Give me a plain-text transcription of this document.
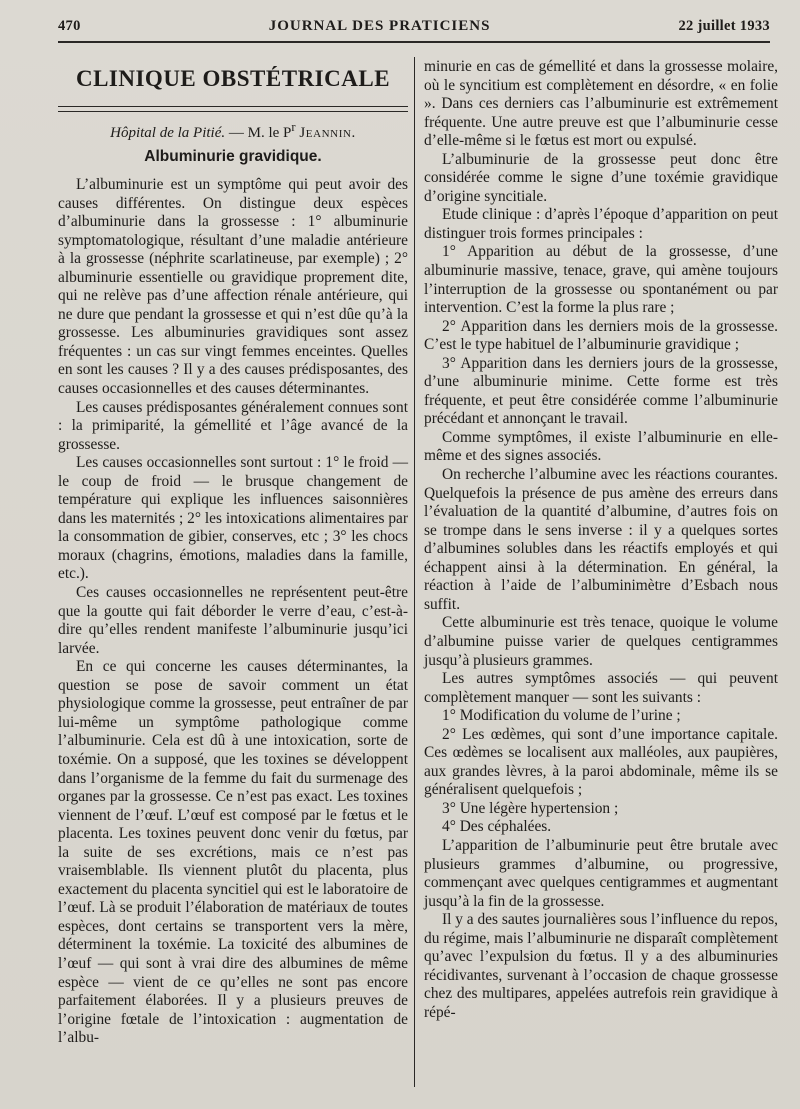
470	JOURNAL DES PRATICIENS	22 juillet 1933
CLINIQUE OBSTÉTRICALE
Hôpital de la Pitié. — M. le $P^r$ Jeannin.
Albuminurie gravidique.

L’albuminurie est un symptôme qui peut avoir des causes différentes. On distingue deux espèces d’albuminurie dans la grossesse : 1° albuminurie symptomatologique, résultant d’une maladie antérieure à la grossesse (néphrite scarlatineuse, par exemple) ; 2° albuminurie essentielle ou gravidique proprement dite, qui ne relève pas d’une affection rénale antérieure, qui ne dure que pendant la grossesse et qui n’est dûe qu’à la grossesse. Les albuminuries gravidiques sont assez fréquentes : un cas sur vingt femmes enceintes. Quelles en sont les causes ? Il y a des causes prédisposantes, des causes occasionnelles et des causes déterminantes.

Les causes prédisposantes généralement connues sont : la primiparité, la gémellité et l’âge avancé de la grossesse.

Les causes occasionnelles sont surtout : 1° le froid — le coup de froid — le brusque changement de température qui explique les influences saisonnières dans les maternités ; 2° les intoxications alimentaires par la consommation de gibier, conserves, etc ; 3° les chocs moraux (chagrins, émotions, maladies dans la famille, etc.).

Ces causes occasionnelles ne représentent peut-être que la goutte qui fait déborder le verre d’eau, c’est-à-dire qu’elles rendent manifeste l’albuminurie jusqu’ici larvée.

En ce qui concerne les causes déterminantes, la question se pose de savoir comment un état physiologique comme la grossesse, peut entraîner de par lui-même un symptôme pathologique comme l’albuminurie. Cela est dû à une intoxication, sorte de toxémie. On a supposé, que les toxines se développent dans l’organisme de la femme du fait du surmenage des organes par la grossesse. Ce n’est pas exact. Les toxines viennent de l’œuf. L’œuf est composé par le fœtus et le placenta. Les toxines peuvent donc venir du fœtus, par la suite de ses excrétions, mais ce n’est pas vraisemblable. Ils viennent plutôt du placenta, plus exactement du placenta syncitiel qui est le laboratoire de l’œuf. Là se produit l’élaboration de matériaux de toutes espèces, dont certains se transportent vers la mère, déterminent la toxémie. La toxicité des albumines de l’œuf — qui sont à vrai dire des albumines de même espèce — vient de ce qu’elles ne sont pas encore parfaitement élaborées. Il y a plusieurs preuves de l’origine fœtale de l’intoxication : augmentation de l’albu-

minurie en cas de gémellité et dans la grossesse molaire, où le syncitium est complètement en désordre, « en folie ». Dans ces derniers cas l’albuminurie est extrêmement fréquente. Une autre preuve est que l’albuminurie cesse d’elle-même si le fœtus est mort ou expulsé.

L’albuminurie de la grossesse peut donc être considérée comme le signe d’une toxémie gravidique d’origine syncitiale.

Etude clinique : d’après l’époque d’apparition on peut distinguer trois formes principales :

1° Apparition au début de la grossesse, d’une albuminurie massive, tenace, grave, qui amène toujours l’interruption de la grossesse ou spontanément ou par intervention. C’est la forme la plus rare ;

2° Apparition dans les derniers mois de la grossesse. C’est le type habituel de l’albuminurie gravidique ;

3° Apparition dans les derniers jours de la grossesse, d’une albuminurie minime. Cette forme est très fréquente, et peut être considérée comme l’albuminurie précédant et annonçant le travail.

Comme symptômes, il existe l’albuminurie en elle-même et des signes associés.

On recherche l’albumine avec les réactions courantes. Quelquefois la présence de pus amène des erreurs dans l’évaluation de la quantité d’albumine, d’autres fois on se trompe dans le sens inverse : il y a quelques sortes d’albumines solubles dans les réactifs employés et qui échappent ainsi à la détermination. En général, la réaction à l’aide de l’albuminimètre d’Esbach nous suffit.

Cette albuminurie est très tenace, quoique le volume d’albumine puisse varier de quelques centigrammes jusqu’à plusieurs grammes.

Les autres symptômes associés — qui peuvent complètement manquer — sont les suivants :

1° Modification du volume de l’urine ;

2° Les œdèmes, qui sont d’une importance capitale. Ces œdèmes se localisent aux malléoles, aux paupières, aux grandes lèvres, à la paroi abdominale, même ils se généralisent quelquefois ;

3° Une légère hypertension ;

4° Des céphalées.

L’apparition de l’albuminurie peut être brutale avec plusieurs grammes d’albumine, ou progressive, commençant avec quelques centigrammes et augmentant jusqu’à la fin de la grossesse.

Il y a des sautes journalières sous l’influence du repos, du régime, mais l’albuminurie ne disparaît complètement qu’avec l’expulsion du fœtus. Il y a des albuminuries récidivantes, survenant à l’occasion de chaque grossesse chez des multipares, appelées autrefois rein gravidique à répé-
